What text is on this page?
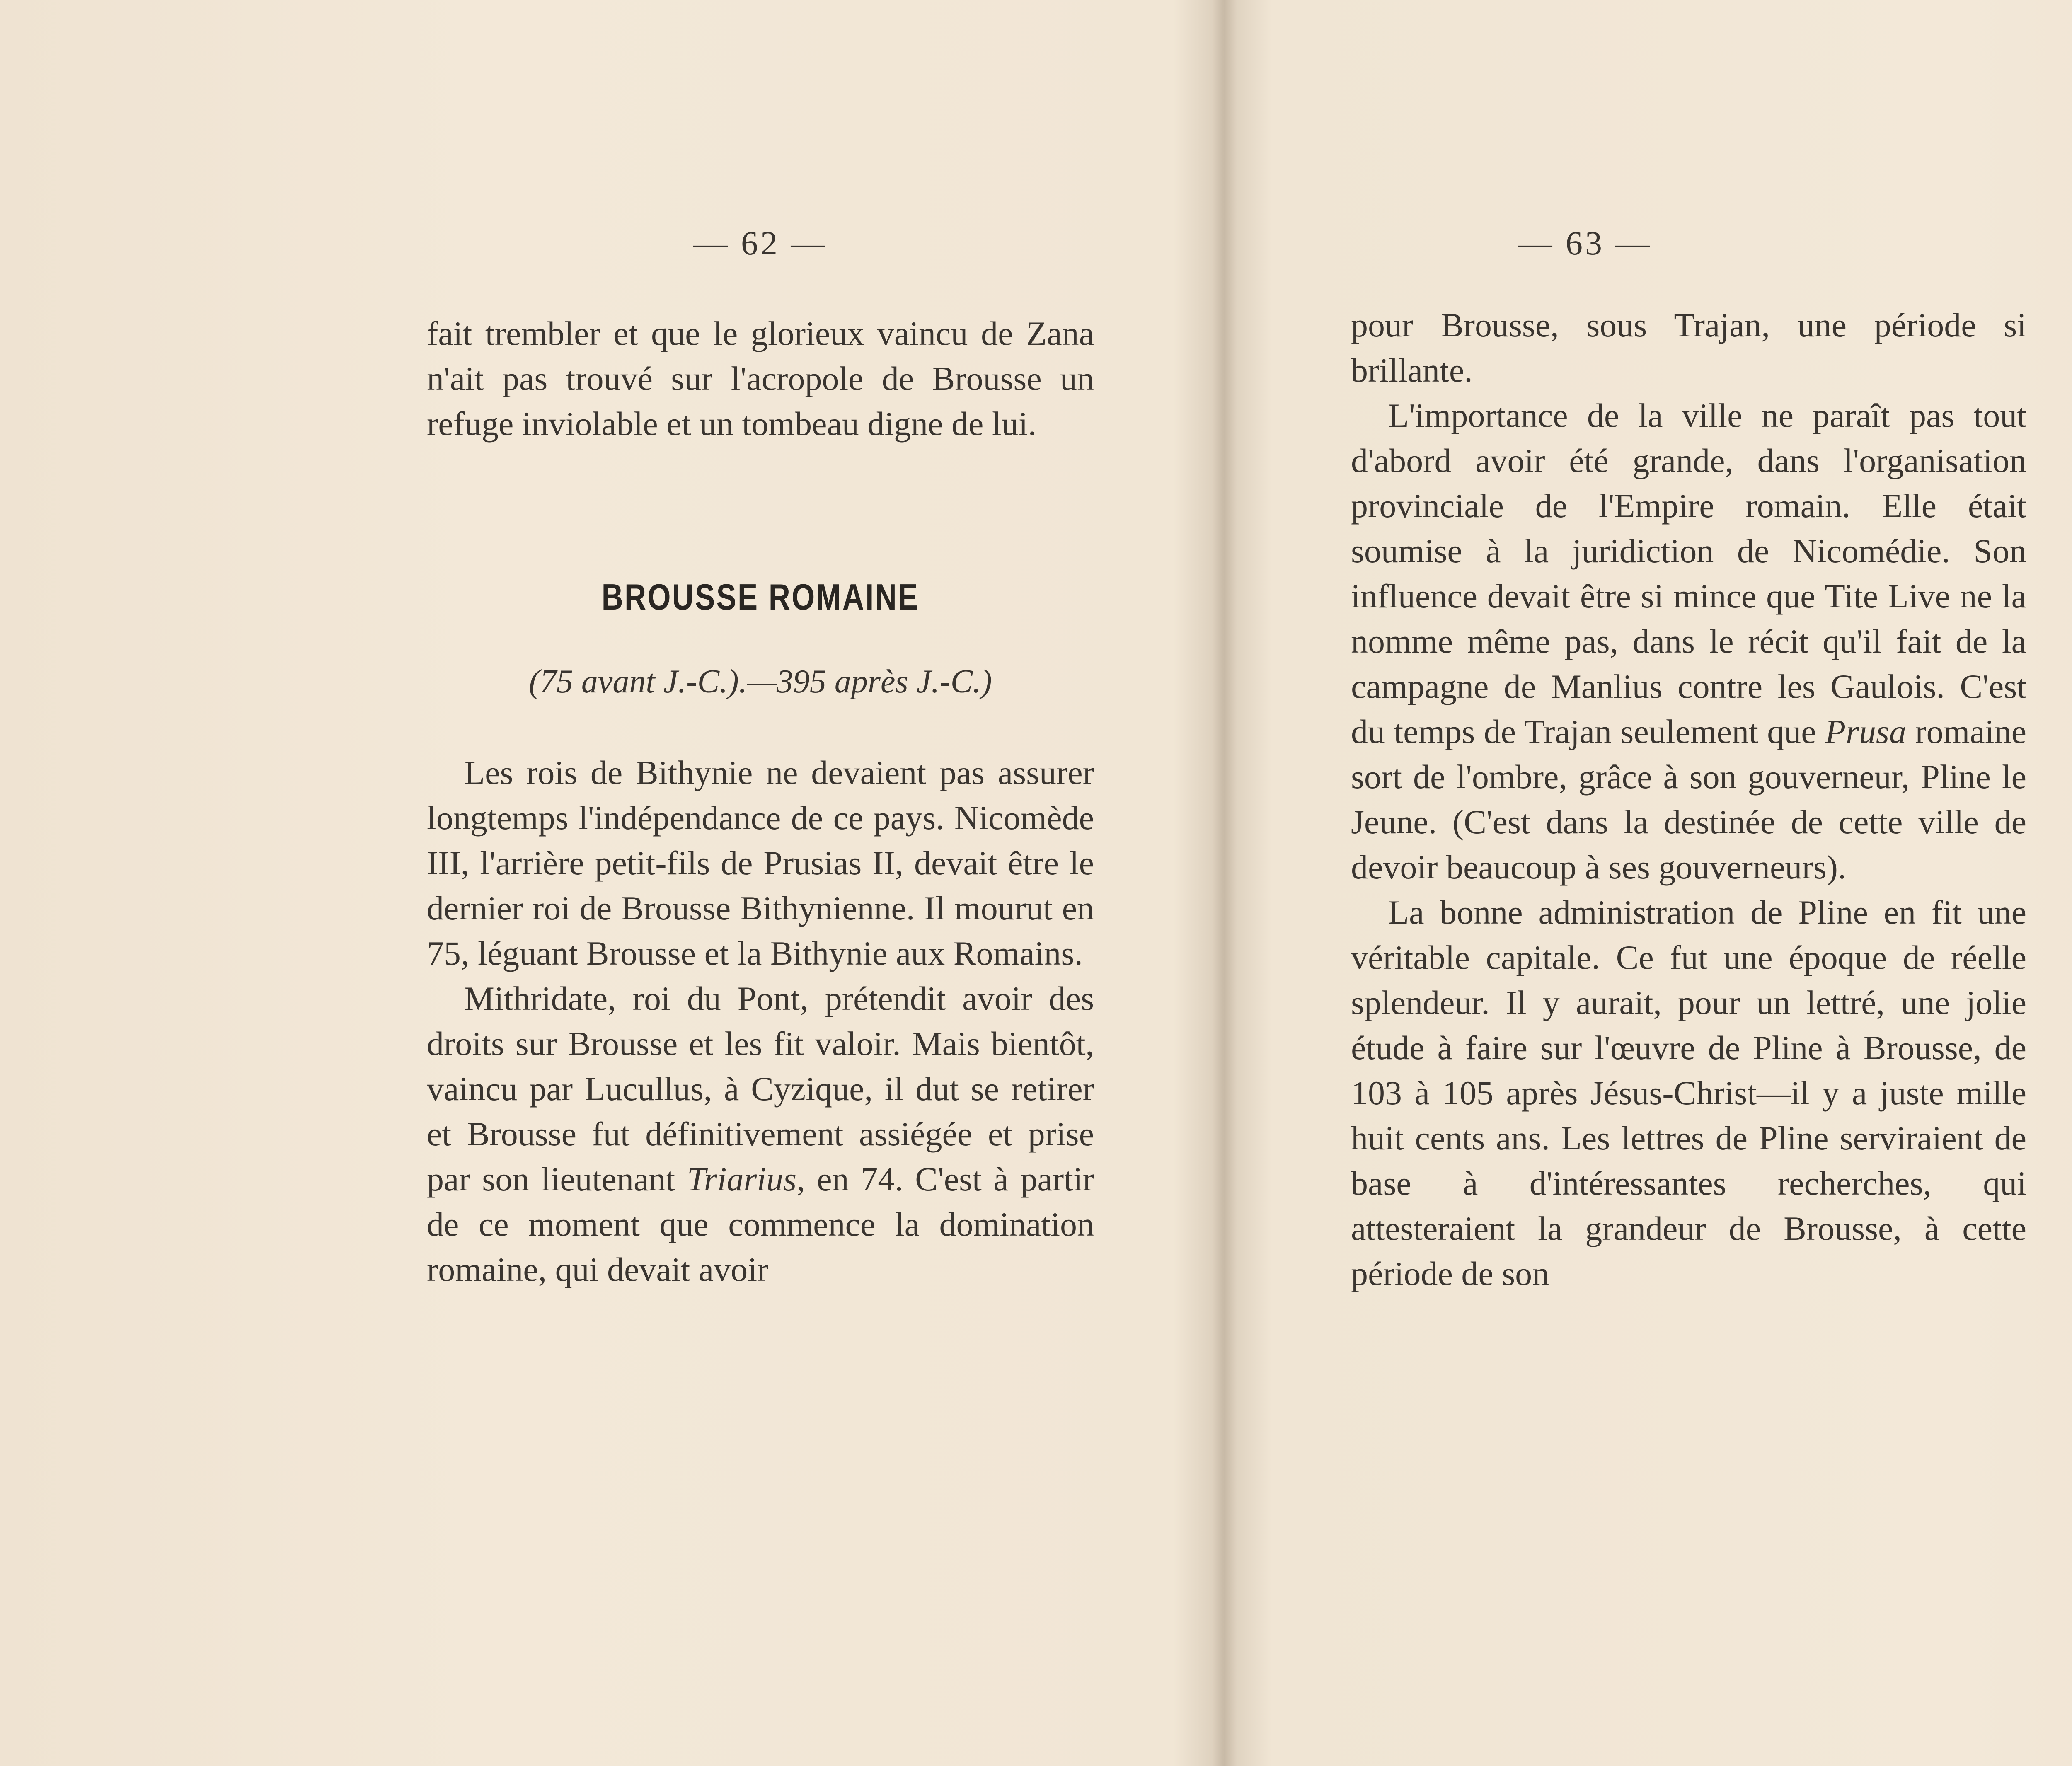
— 62 —

fait trembler et que le glorieux vaincu de Zana n'ait pas trouvé sur l'acropole de Brousse un refuge inviolable et un tombeau digne de lui.

BROUSSE ROMAINE
(75 avant J.-C.).—395 après J.-C.)

Les rois de Bithynie ne devaient pas assurer longtemps l'indépendance de ce pays. Nicomède III, l'arrière petit-fils de Prusias II, devait être le dernier roi de Brousse Bithynienne. Il mourut en 75, léguant Brousse et la Bithynie aux Romains.

Mithridate, roi du Pont, prétendit avoir des droits sur Brousse et les fit valoir. Mais bientôt, vaincu par Lucullus, à Cyzique, il dut se retirer et Brousse fut définitivement assiégée et prise par son lieutenant Triarius, en 74. C'est à partir de ce moment que commence la domination romaine, qui devait avoir

— 63 —

pour Brousse, sous Trajan, une période si brillante.

L'importance de la ville ne paraît pas tout d'abord avoir été grande, dans l'organisation provinciale de l'Empire romain. Elle était soumise à la juridiction de Nicomédie. Son influence devait être si mince que Tite Live ne la nomme même pas, dans le récit qu'il fait de la campagne de Manlius contre les Gaulois. C'est du temps de Trajan seulement que Prusa romaine sort de l'ombre, grâce à son gouverneur, Pline le Jeune. (C'est dans la destinée de cette ville de devoir beaucoup à ses gouverneurs).

La bonne administration de Pline en fit une véritable capitale. Ce fut une époque de réelle splendeur. Il y aurait, pour un lettré, une jolie étude à faire sur l'œuvre de Pline à Brousse, de 103 à 105 après Jésus-Christ—il y a juste mille huit cents ans. Les lettres de Pline serviraient de base à d'intéressantes recherches, qui attesteraient la grandeur de Brousse, à cette période de son
